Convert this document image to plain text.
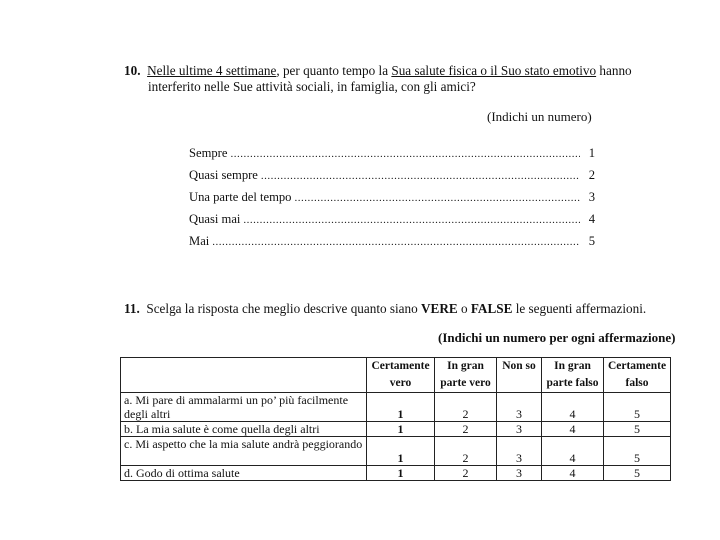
10. Nelle ultime 4 settimane, per quanto tempo la Sua salute fisica o il Suo stato emotivo hanno
interferito nelle Sue attività sociali, in famiglia, con gli amici?
(Indichi un numero)
Sempre .....	1
Quasi sempre .....	2
Una parte del tempo .....	3
Quasi mai .....	4
Mai .....	5
11. Scelga la risposta che meglio descrive quanto siano VERE o FALSE le seguenti affermazioni.
(Indichi un numero per ogni affermazione)
	Certamente vero	In gran parte vero	Non so	In gran parte falso	Certamente falso
a. Mi pare di ammalarmi un po’ più facilmente degli altri	1	2	3	4	5
b. La mia salute è come quella degli altri	1	2	3	4	5
c. Mi aspetto che la mia salute andrà peggiorando	1	2	3	4	5
d. Godo di ottima salute	1	2	3	4	5
